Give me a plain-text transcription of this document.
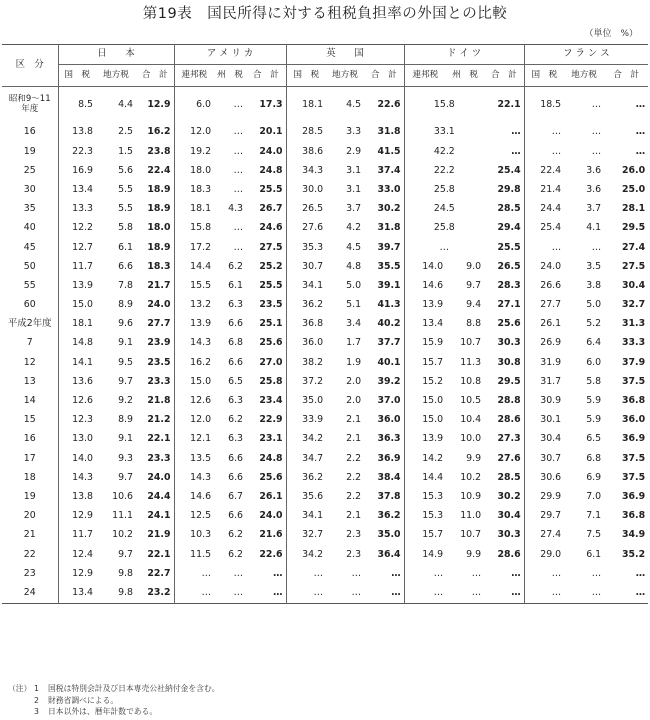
第19表　国民所得に対する租税負担率の外国との比較
（単位　%）
区　分	日　　本			ア メ リ カ			英　　国			ド イ ツ			フ ラ ン ス		
	国　税	地方税	合　計	連邦税	州　税	合　計	国　税	地方税	合　計	連邦税	州　税	合　計	国　税	地方税	合　計
昭和9～11
年度	8.5	4.4	12.9	6.0	…	17.3	18.1	4.5	22.6	15.8		22.1	18.5	…	…
16	13.8	2.5	16.2	12.0	…	20.1	28.5	3.3	31.8	33.1		…	…	…	…
19	22.3	1.5	23.8	19.2	…	24.0	38.6	2.9	41.5	42.2		…	…	…	…
25	16.9	5.6	22.4	18.0	…	24.8	34.3	3.1	37.4	22.2		25.4	22.4	3.6	26.0
30	13.4	5.5	18.9	18.3	…	25.5	30.0	3.1	33.0	25.8		29.8	21.4	3.6	25.0
35	13.3	5.5	18.9	18.1	4.3	26.7	26.5	3.7	30.2	24.5		28.5	24.4	3.7	28.1
40	12.2	5.8	18.0	15.8	…	24.6	27.6	4.2	31.8	25.8		29.4	25.4	4.1	29.5
45	12.7	6.1	18.9	17.2	…	27.5	35.3	4.5	39.7	…		25.5	…	…	27.4
50	11.7	6.6	18.3	14.4	6.2	25.2	30.7	4.8	35.5	14.0	9.0	26.5	24.0	3.5	27.5
55	13.9	7.8	21.7	15.5	6.1	25.5	34.1	5.0	39.1	14.6	9.7	28.3	26.6	3.8	30.4
60	15.0	8.9	24.0	13.2	6.3	23.5	36.2	5.1	41.3	13.9	9.4	27.1	27.7	5.0	32.7
平成2年度	18.1	9.6	27.7	13.9	6.6	25.1	36.8	3.4	40.2	13.4	8.8	25.6	26.1	5.2	31.3
7	14.8	9.1	23.9	14.3	6.8	25.6	36.0	1.7	37.7	15.9	10.7	30.3	26.9	6.4	33.3
12	14.1	9.5	23.5	16.2	6.6	27.0	38.2	1.9	40.1	15.7	11.3	30.8	31.9	6.0	37.9
13	13.6	9.7	23.3	15.0	6.5	25.8	37.2	2.0	39.2	15.2	10.8	29.5	31.7	5.8	37.5
14	12.6	9.2	21.8	12.6	6.3	23.4	35.0	2.0	37.0	15.0	10.5	28.8	30.9	5.9	36.8
15	12.3	8.9	21.2	12.0	6.2	22.9	33.9	2.1	36.0	15.0	10.4	28.6	30.1	5.9	36.0
16	13.0	9.1	22.1	12.1	6.3	23.1	34.2	2.1	36.3	13.9	10.0	27.3	30.4	6.5	36.9
17	14.0	9.3	23.3	13.5	6.6	24.8	34.7	2.2	36.9	14.2	9.9	27.6	30.7	6.8	37.5
18	14.3	9.7	24.0	14.3	6.6	25.6	36.2	2.2	38.4	14.4	10.2	28.5	30.6	6.9	37.5
19	13.8	10.6	24.4	14.6	6.7	26.1	35.6	2.2	37.8	15.3	10.9	30.2	29.9	7.0	36.9
20	12.9	11.1	24.1	12.5	6.6	24.0	34.1	2.1	36.2	15.3	11.0	30.4	29.7	7.1	36.8
21	11.7	10.2	21.9	10.3	6.2	21.6	32.7	2.3	35.0	15.7	10.7	30.3	27.4	7.5	34.9
22	12.4	9.7	22.1	11.5	6.2	22.6	34.2	2.3	36.4	14.9	9.9	28.6	29.0	6.1	35.2
23	12.9	9.8	22.7	…	…	…	…	…	…	…	…	…	…	…	…
24	13.4	9.8	23.2	…	…	…	…	…	…	…	…	…	…	…	…
（注） 1 国税は特別会計及び日本専売公社納付金を含む。
2 財務省調べによる。
3 日本以外は、暦年計数である。
